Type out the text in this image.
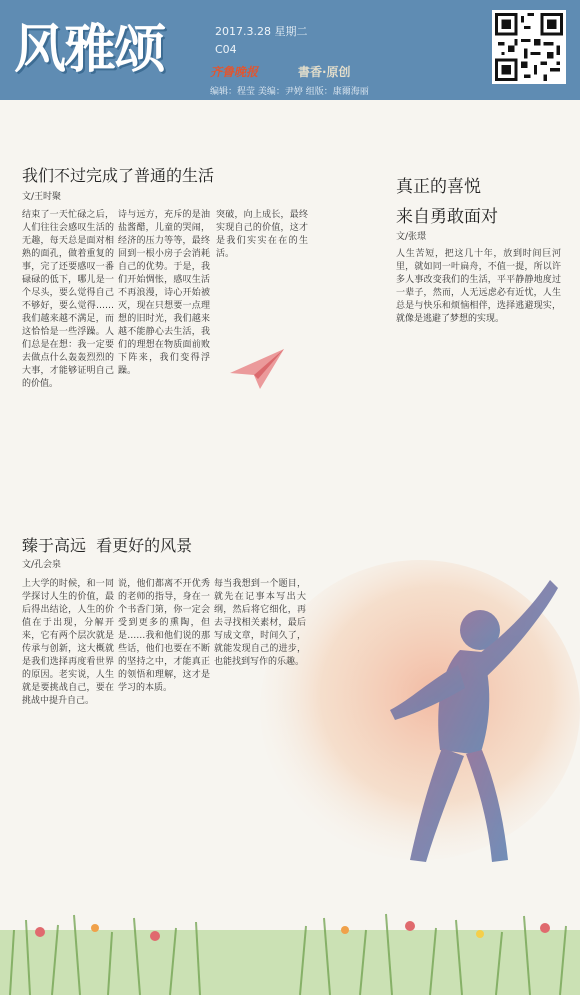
风雅颂	2017.3.28 星期二
C04
齐鲁晚报	書香·原创
编辑：程莹 美编：尹婷 组版：康爾海丽
我们不过完成了普通的生活
文/王时聚

结束了一天忙碌之后，人们往往会感叹生活的无趣，每天总是面对相熟的面孔，做着重复的事，完了还要感叹一番碌碌的低下，哪儿是一个尽头，要么觉得自己不够好，要么觉得……我们越来越不满足，而这恰恰是一些浮躁。人们总是在想：我一定要去做点什么轰轰烈烈的大事，才能够证明自己的价值。

诗与远方，充斥的是油盐酱醋，儿童的哭闹，经济的压力等等，最终回到一根小房子会消耗自己的优势。于是，我们开始惆怅，感叹生活不再浪漫，诗心开始被灭，现在只想要一点理想的旧时光，我们越来越不能静心去生活，我们的理想在物质面前败下阵来，我们变得浮躁。

突破，向上成长，最终实现自己的价值，这才是我们实实在在的生活。

真正的喜悦
来自勇敢面对
文/张璟

人生苦短，把这几十年，放到时间巨河里，就如同一叶扁舟，不值一提，所以许多人事改变我们的生活，平平静静地度过一辈子，然而，人无远虑必有近忧，人生总是与快乐和烦恼相伴，选择逃避现实，就像是逃避了梦想的实现。

臻于高远  看更好的风景
文/孔会泉

上大学的时候，和一同学探讨人生的价值，最后得出结论，人生的价值在于出现，分解开来，它有两个层次就是传承与创新，这大概就是我们选择再度看世界的原因。老实说，人生就是要挑战自己，要在挑战中提升自己。

说，他们都离不开优秀的老师的指导，身在一个书香门第，你一定会受到更多的熏陶，但是……我和他们说的那些话，他们也要在不断的坚持之中，才能真正的领悟和理解，这才是学习的本质。

每当我想到一个题目，就先在记事本写出大纲，然后将它细化，再去寻找相关素材，最后写成文章，时间久了，就能发现自己的进步，也能找到写作的乐趣。
